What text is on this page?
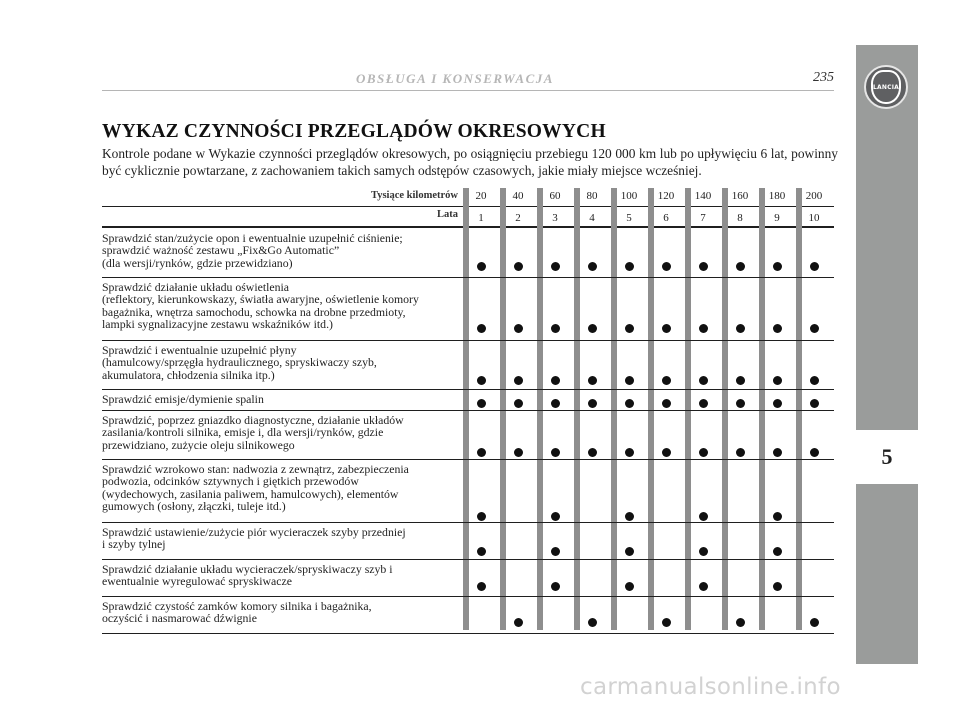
LANCIA
5
OBSŁUGA I KONSERWACJA	235
WYKAZ CZYNNOŚCI PRZEGLĄDÓW OKRESOWYCH

Kontrole podane w Wykazie czynności przeglądów okresowych, po osiągnięciu przebiegu 120 000 km lub po upływięciu 6 lat, powinny być cyklicznie powtarzane, z zachowaniem takich samych odstępów czasowych, jakie miały miejsce wcześniej.

Tysiące kilometrów
Lata
20
1
40
2
60
3
80
4
100
5
120
6
140
7
160
8
180
9
200
10

Sprawdzić stan/zużycie opon i ewentualnie uzupełnić ciśnienie;
sprawdzić ważność zestawu „Fix&Go Automatic”
(dla wersji/rynków, gdzie przewidziano)

Sprawdzić działanie układu oświetlenia
(reflektory, kierunkowskazy, światła awaryjne, oświetlenie komory
bagażnika, wnętrza samochodu, schowka na drobne przedmioty,
lampki sygnalizacyjne zestawu wskaźników itd.)

Sprawdzić i ewentualnie uzupełnić płyny
(hamulcowy/sprzęgła hydraulicznego, spryskiwaczy szyb,
akumulatora, chłodzenia silnika itp.)

Sprawdzić emisje/dymienie spalin

Sprawdzić, poprzez gniazdko diagnostyczne, działanie układów
zasilania/kontroli silnika, emisje i, dla wersji/rynków, gdzie
przewidziano, zużycie oleju silnikowego

Sprawdzić wzrokowo stan: nadwozia z zewnątrz, zabezpieczenia
podwozia, odcinków sztywnych i giętkich przewodów
(wydechowych, zasilania paliwem, hamulcowych), elementów
gumowych (osłony, złączki, tuleje itd.)

Sprawdzić ustawienie/zużycie piór wycieraczek szyby przedniej
i szyby tylnej

Sprawdzić działanie układu wycieraczek/spryskiwaczy szyb i
ewentualnie wyregulować spryskiwacze

Sprawdzić czystość zamków komory silnika i bagażnika,
oczyścić i nasmarować dźwignie

carmanualsonline.info
